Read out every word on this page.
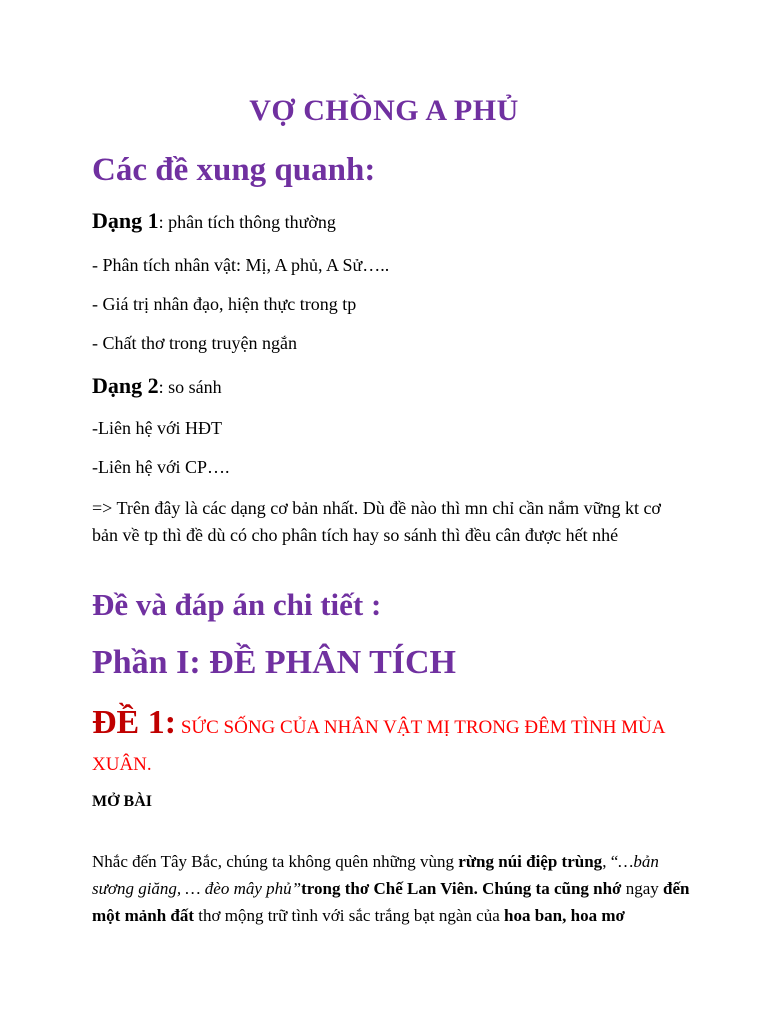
VỢ CHỒNG A PHỦ
Các đề xung quanh:

Dạng 1: phân tích thông thường

- Phân tích nhân vật: Mị, A phủ, A Sử…..

- Giá trị nhân đạo, hiện thực trong tp

- Chất thơ trong truyện ngắn

Dạng 2: so sánh

-Liên hệ với HĐT

-Liên hệ với CP….

=> Trên đây là các dạng cơ bản nhất. Dù đề nào thì mn chỉ cần nắm vững kt cơ bản về tp thì đề dù có cho phân tích hay so sánh thì đều cân được hết nhé

Đề và đáp án chi tiết :
Phần I: ĐỀ PHÂN TÍCH

ĐỀ 1: SỨC SỐNG CỦA NHÂN VẬT MỊ TRONG ĐÊM TÌNH MÙA XUÂN.

MỞ BÀI

Nhắc đến Tây Bắc, chúng ta không quên những vùng rừng núi điệp trùng, “…bản sương giăng, … đèo mây phủ”trong thơ Chế Lan Viên. Chúng ta cũng nhớ ngay đến một mảnh đất thơ mộng trữ tình với sắc trắng bạt ngàn của hoa ban, hoa mơ
